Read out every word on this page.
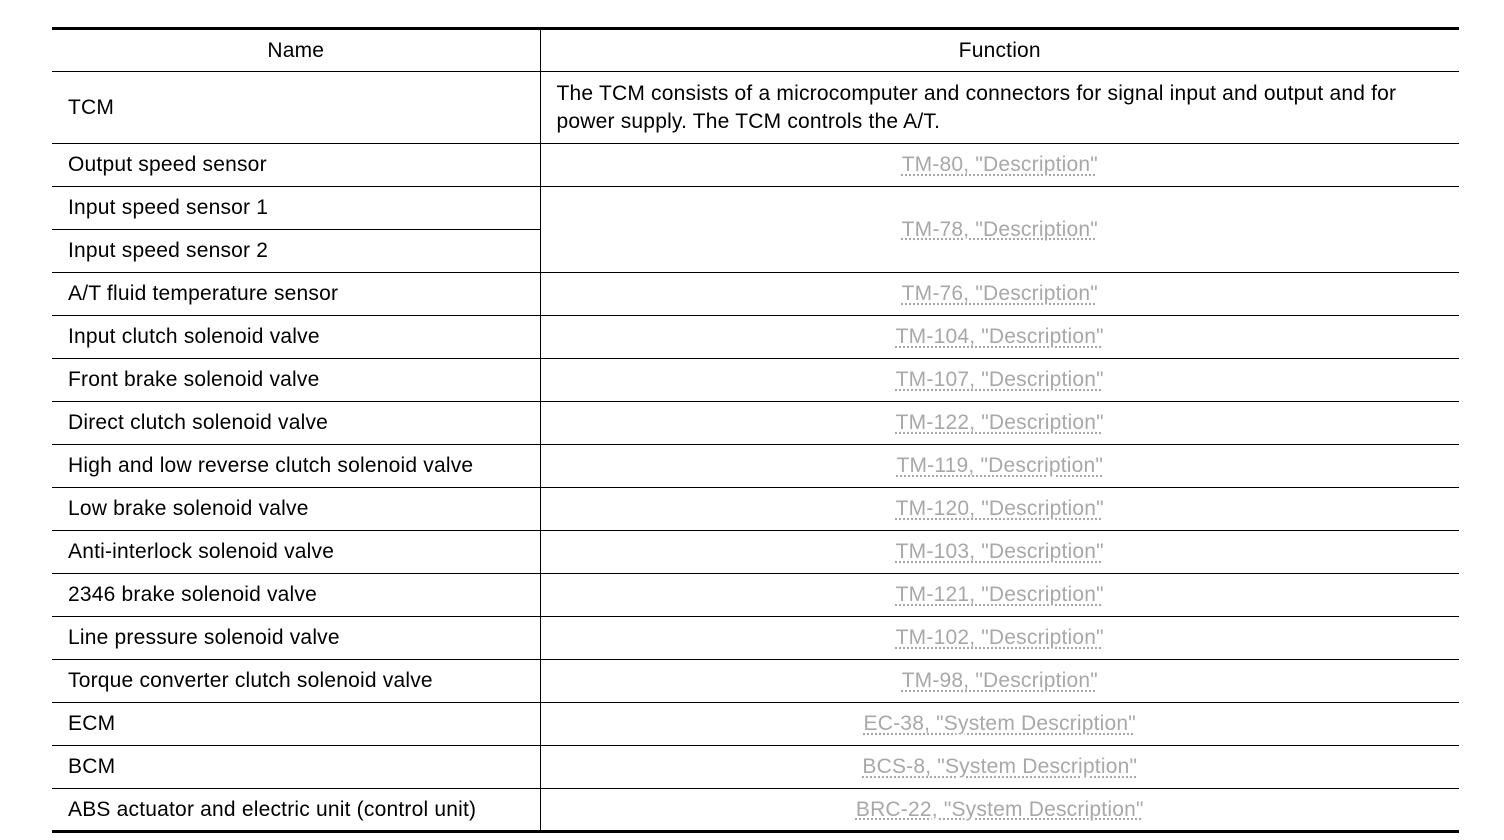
Name	Function
TCM	The TCM consists of a microcomputer and connectors for signal input and output and for power supply. The TCM controls the A/T.
Output speed sensor	TM-80, "Description"
Input speed sensor 1	TM-78, "Description"
Input speed sensor 2	
A/T fluid temperature sensor	TM-76, "Description"
Input clutch solenoid valve	TM-104, "Description"
Front brake solenoid valve	TM-107, "Description"
Direct clutch solenoid valve	TM-122, "Description"
High and low reverse clutch solenoid valve	TM-119, "Description"
Low brake solenoid valve	TM-120, "Description"
Anti-interlock solenoid valve	TM-103, "Description"
2346 brake solenoid valve	TM-121, "Description"
Line pressure solenoid valve	TM-102, "Description"
Torque converter clutch solenoid valve	TM-98, "Description"
ECM	EC-38, "System Description"
BCM	BCS-8, "System Description"
ABS actuator and electric unit (control unit)	BRC-22, "System Description"
